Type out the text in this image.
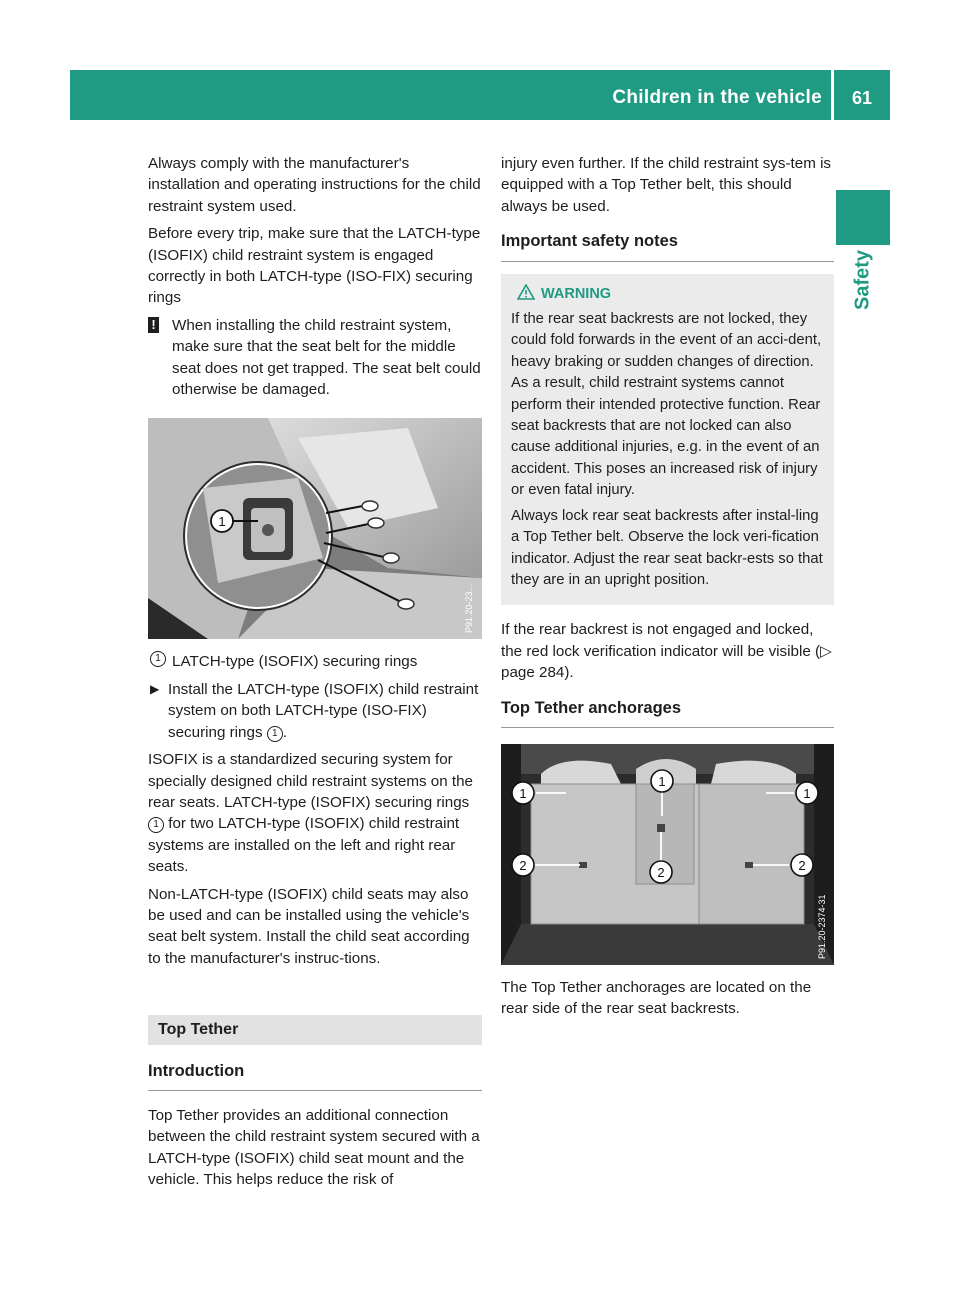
Children in the vehicle 61
Safety

Always comply with the manufacturer's installation and operating instructions for the child restraint system used.

Before every trip, make sure that the LATCH-type (ISOFIX) child restraint system is engaged correctly in both LATCH-type (ISO-FIX) securing rings

! When installing the child restraint system, make sure that the seat belt for the middle seat does not get trapped. The seat belt could otherwise be damaged.
1
P91.20-23…
1 LATCH-type (ISOFIX) securing rings
▶ Install the LATCH-type (ISOFIX) child restraint system on both LATCH-type (ISO-FIX) securing rings 1 .

ISOFIX is a standardized securing system for specially designed child restraint systems on the rear seats. LATCH-type (ISOFIX) securing rings 1 for two LATCH-type (ISOFIX) child restraint systems are installed on the left and right rear seats.

Non-LATCH-type (ISOFIX) child seats may also be used and can be installed using the vehicle's seat belt system. Install the child seat according to the manufacturer's instruc-tions.

Top Tether
Introduction

Top Tether provides an additional connection between the child restraint system secured with a LATCH-type (ISOFIX) child seat mount and the vehicle. This helps reduce the risk of

injury even further. If the child restraint sys-tem is equipped with a Top Tether belt, this should always be used.

Important safety notes
WARNING

If the rear seat backrests are not locked, they could fold forwards in the event of an acci-dent, heavy braking or sudden changes of direction. As a result, child restraint systems cannot perform their intended protective function. Rear seat backrests that are not locked can also cause additional injuries, e.g. in the event of an accident. This poses an increased risk of injury or even fatal injury.

Always lock rear seat backrests after instal-ling a Top Tether belt. Observe the lock veri-fication indicator. Adjust the rear seat backr-ests so that they are in an upright position.

If the rear backrest is not engaged and locked, the red lock verification indicator will be visible (▷ page 284).

Top Tether anchorages
1	1
1
2	2
2
P91.20-2374-31

The Top Tether anchorages are located on the rear side of the rear seat backrests.
